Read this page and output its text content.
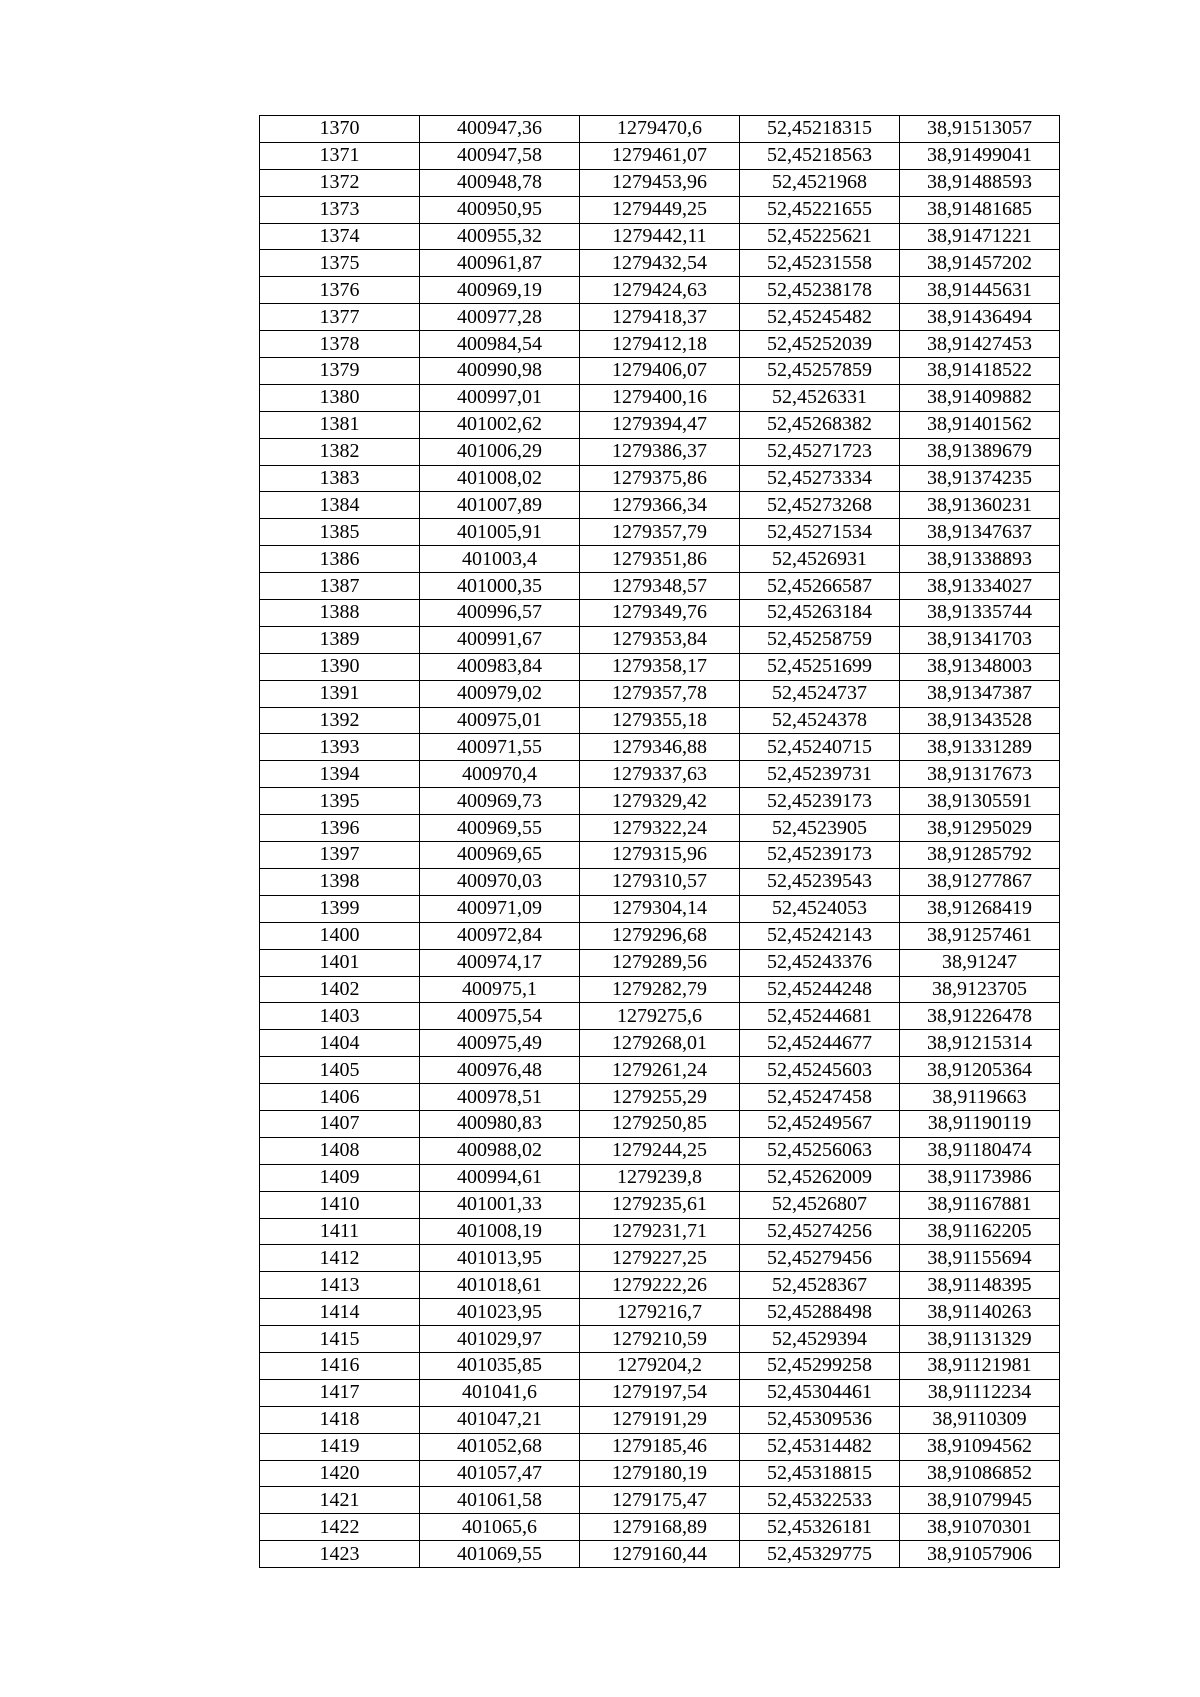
1370	400947,36	1279470,6	52,45218315	38,91513057
1371	400947,58	1279461,07	52,45218563	38,91499041
1372	400948,78	1279453,96	52,4521968	38,91488593
1373	400950,95	1279449,25	52,45221655	38,91481685
1374	400955,32	1279442,11	52,45225621	38,91471221
1375	400961,87	1279432,54	52,45231558	38,91457202
1376	400969,19	1279424,63	52,45238178	38,91445631
1377	400977,28	1279418,37	52,45245482	38,91436494
1378	400984,54	1279412,18	52,45252039	38,91427453
1379	400990,98	1279406,07	52,45257859	38,91418522
1380	400997,01	1279400,16	52,4526331	38,91409882
1381	401002,62	1279394,47	52,45268382	38,91401562
1382	401006,29	1279386,37	52,45271723	38,91389679
1383	401008,02	1279375,86	52,45273334	38,91374235
1384	401007,89	1279366,34	52,45273268	38,91360231
1385	401005,91	1279357,79	52,45271534	38,91347637
1386	401003,4	1279351,86	52,4526931	38,91338893
1387	401000,35	1279348,57	52,45266587	38,91334027
1388	400996,57	1279349,76	52,45263184	38,91335744
1389	400991,67	1279353,84	52,45258759	38,91341703
1390	400983,84	1279358,17	52,45251699	38,91348003
1391	400979,02	1279357,78	52,4524737	38,91347387
1392	400975,01	1279355,18	52,4524378	38,91343528
1393	400971,55	1279346,88	52,45240715	38,91331289
1394	400970,4	1279337,63	52,45239731	38,91317673
1395	400969,73	1279329,42	52,45239173	38,91305591
1396	400969,55	1279322,24	52,4523905	38,91295029
1397	400969,65	1279315,96	52,45239173	38,91285792
1398	400970,03	1279310,57	52,45239543	38,91277867
1399	400971,09	1279304,14	52,4524053	38,91268419
1400	400972,84	1279296,68	52,45242143	38,91257461
1401	400974,17	1279289,56	52,45243376	38,91247
1402	400975,1	1279282,79	52,45244248	38,9123705
1403	400975,54	1279275,6	52,45244681	38,91226478
1404	400975,49	1279268,01	52,45244677	38,91215314
1405	400976,48	1279261,24	52,45245603	38,91205364
1406	400978,51	1279255,29	52,45247458	38,9119663
1407	400980,83	1279250,85	52,45249567	38,91190119
1408	400988,02	1279244,25	52,45256063	38,91180474
1409	400994,61	1279239,8	52,45262009	38,91173986
1410	401001,33	1279235,61	52,4526807	38,91167881
1411	401008,19	1279231,71	52,45274256	38,91162205
1412	401013,95	1279227,25	52,45279456	38,91155694
1413	401018,61	1279222,26	52,4528367	38,91148395
1414	401023,95	1279216,7	52,45288498	38,91140263
1415	401029,97	1279210,59	52,4529394	38,91131329
1416	401035,85	1279204,2	52,45299258	38,91121981
1417	401041,6	1279197,54	52,45304461	38,91112234
1418	401047,21	1279191,29	52,45309536	38,9110309
1419	401052,68	1279185,46	52,45314482	38,91094562
1420	401057,47	1279180,19	52,45318815	38,91086852
1421	401061,58	1279175,47	52,45322533	38,91079945
1422	401065,6	1279168,89	52,45326181	38,91070301
1423	401069,55	1279160,44	52,45329775	38,91057906
